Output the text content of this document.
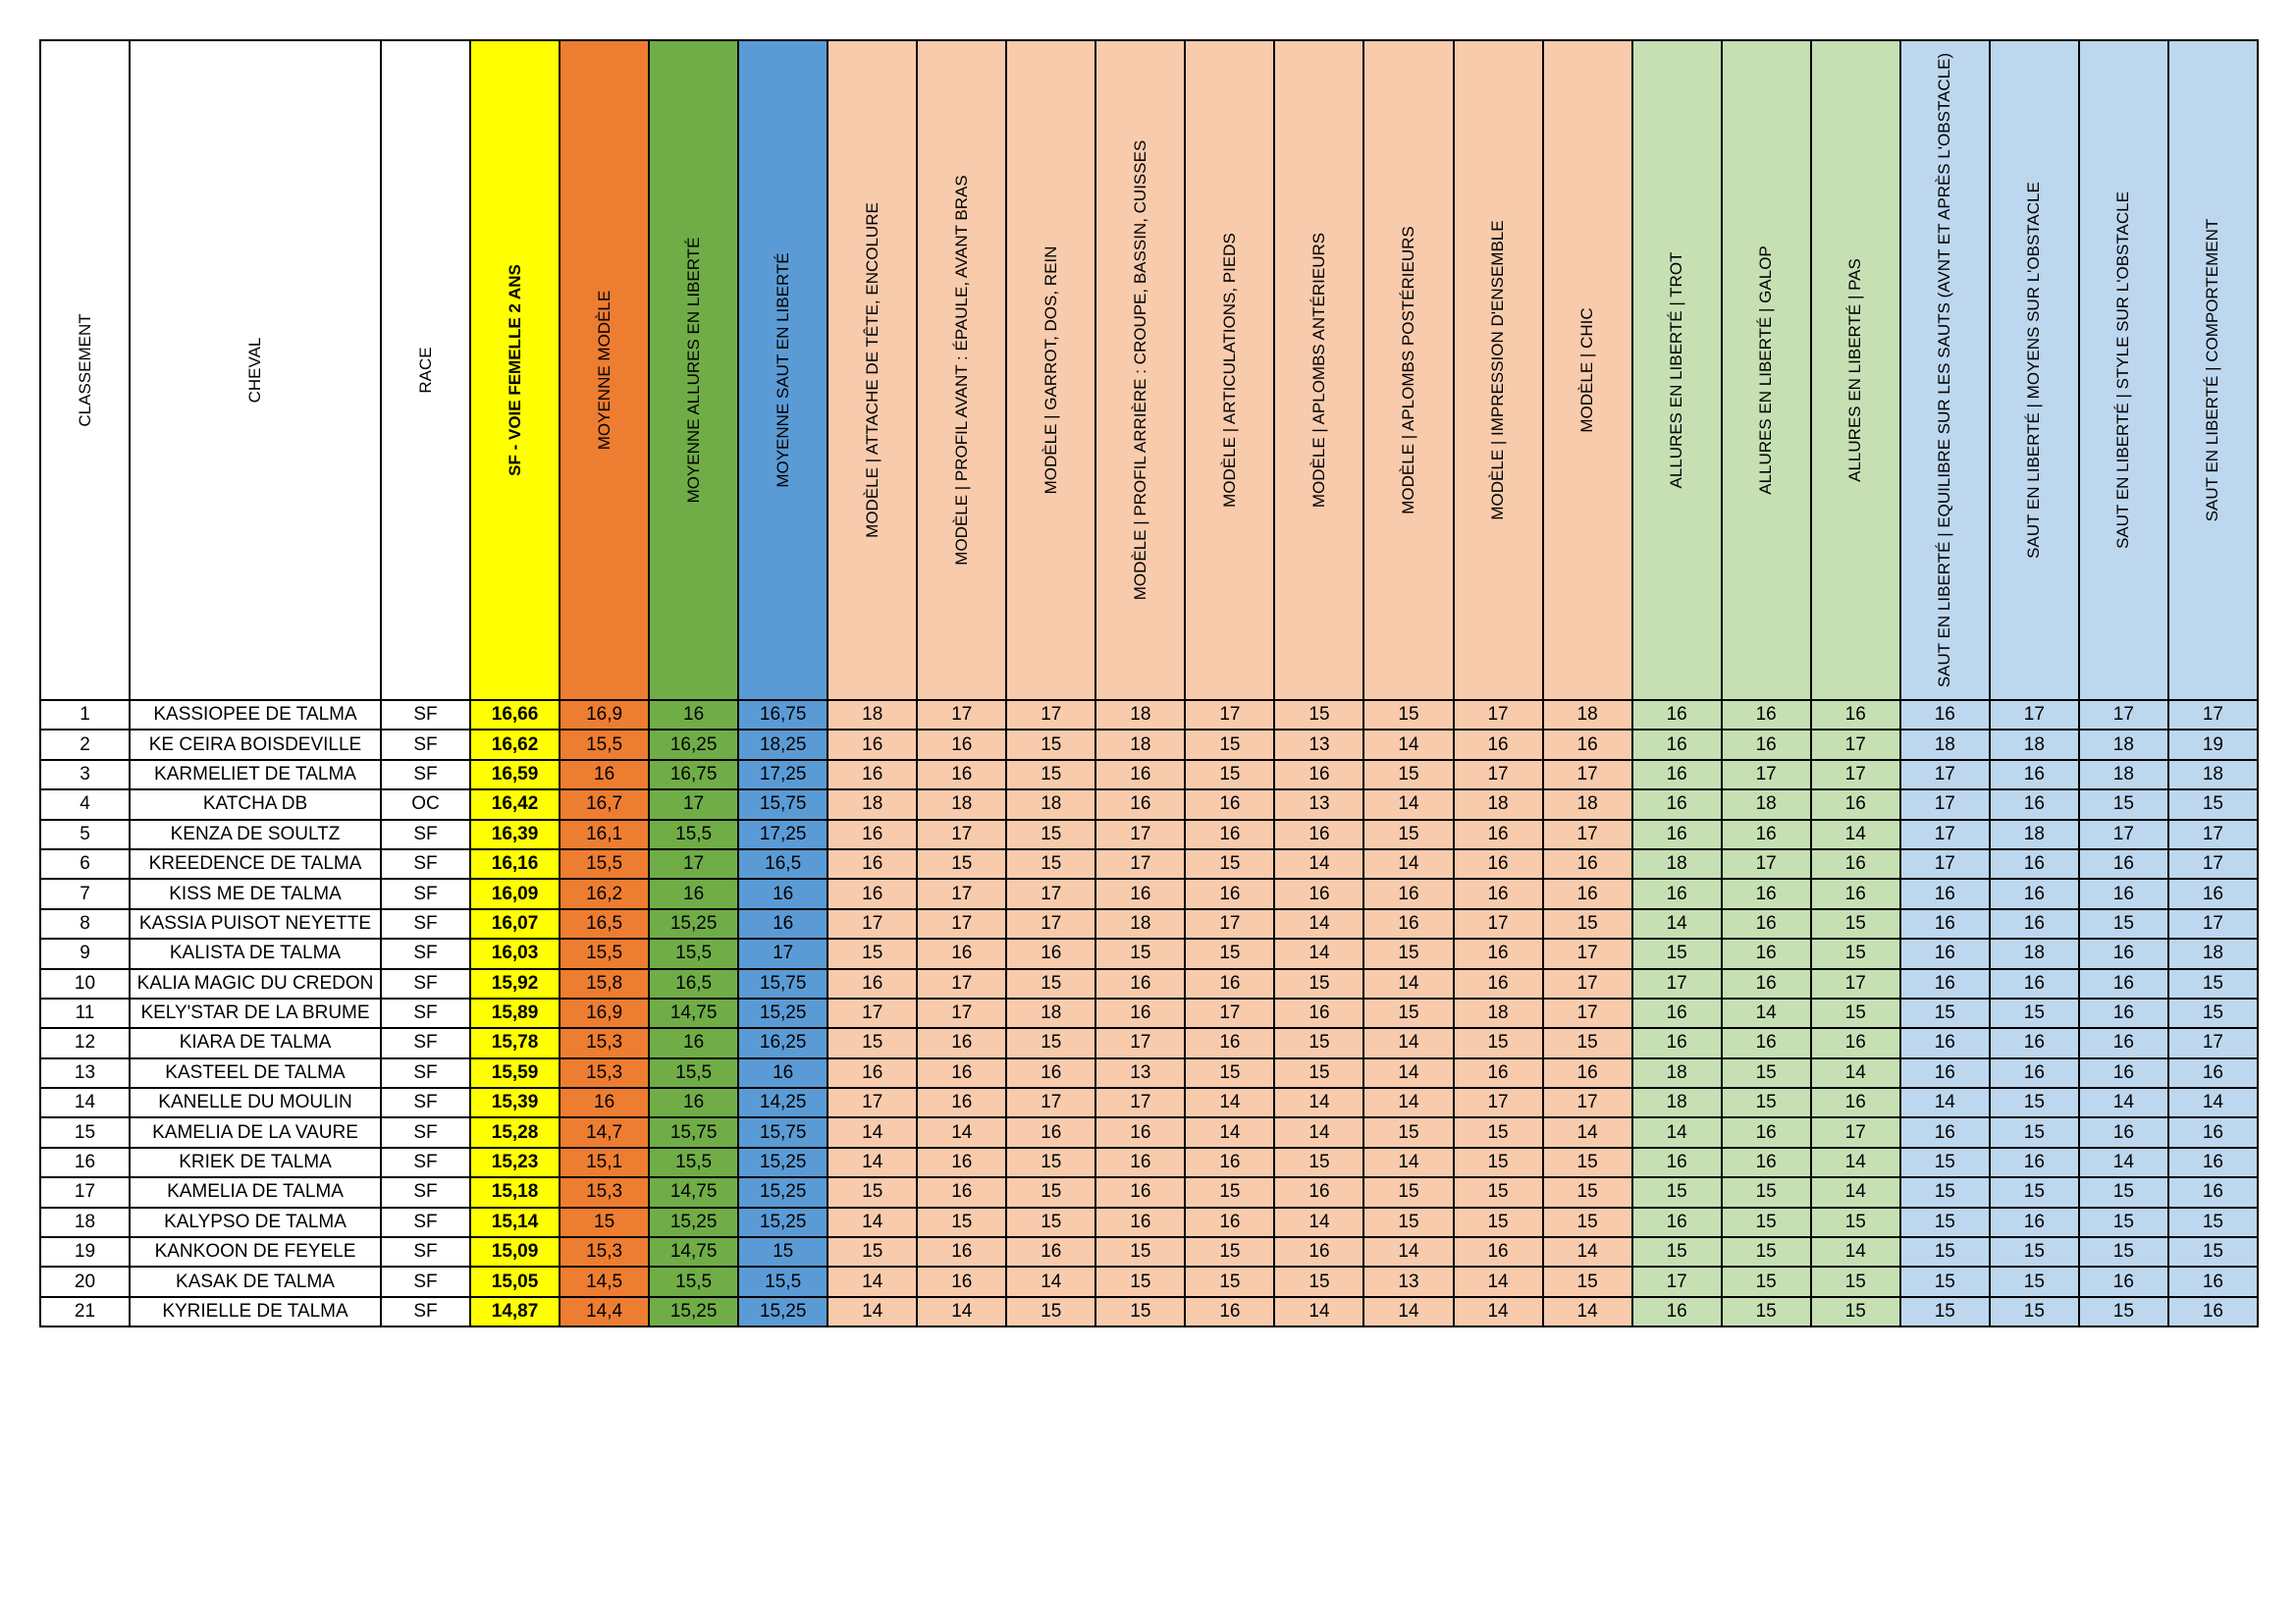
CLASSEMENT	CHEVAL	RACE	SF - VOIE FEMELLE 2 ANS	MOYENNE MODÈLE	MOYENNE ALLURES EN LIBERTÉ	MOYENNE SAUT EN LIBERTÉ	MODÈLE | ATTACHE DE TÊTE, ENCOLURE	MODÈLE | PROFIL AVANT : ÉPAULE, AVANT BRAS	MODÈLE | GARROT, DOS, REIN	MODÈLE | PROFIL ARRIÈRE : CROUPE, BASSIN, CUISSES	MODÈLE | ARTICULATIONS, PIEDS	MODÈLE | APLOMBS ANTÉRIEURS	MODÈLE | APLOMBS POSTÉRIEURS	MODÈLE | IMPRESSION D'ENSEMBLE	MODÈLE | CHIC	ALLURES EN LIBERTÉ | TROT	ALLURES EN LIBERTÉ | GALOP	ALLURES EN LIBERTÉ | PAS	SAUT EN LIBERTÉ | EQUILIBRE SUR LES SAUTS (AVNT ET APRÈS L'OBSTACLE)	SAUT EN LIBERTÉ | MOYENS SUR L'OBSTACLE	SAUT EN LIBERTÉ | STYLE SUR L'OBSTACLE	SAUT EN LIBERTÉ | COMPORTEMENT
1	KASSIOPEE DE TALMA	SF	16,66	16,9	16	16,75	18	17	17	18	17	15	15	17	18	16	16	16	16	17	17	17
2	KE CEIRA BOISDEVILLE	SF	16,62	15,5	16,25	18,25	16	16	15	18	15	13	14	16	16	16	16	17	18	18	18	19
3	KARMELIET DE TALMA	SF	16,59	16	16,75	17,25	16	16	15	16	15	16	15	17	17	16	17	17	17	16	18	18
4	KATCHA DB	OC	16,42	16,7	17	15,75	18	18	18	16	16	13	14	18	18	16	18	16	17	16	15	15
5	KENZA DE SOULTZ	SF	16,39	16,1	15,5	17,25	16	17	15	17	16	16	15	16	17	16	16	14	17	18	17	17
6	KREEDENCE DE TALMA	SF	16,16	15,5	17	16,5	16	15	15	17	15	14	14	16	16	18	17	16	17	16	16	17
7	KISS ME DE TALMA	SF	16,09	16,2	16	16	16	17	17	16	16	16	16	16	16	16	16	16	16	16	16	16
8	KASSIA PUISOT NEYETTE	SF	16,07	16,5	15,25	16	17	17	17	18	17	14	16	17	15	14	16	15	16	16	15	17
9	KALISTA DE TALMA	SF	16,03	15,5	15,5	17	15	16	16	15	15	14	15	16	17	15	16	15	16	18	16	18
10	KALIA MAGIC DU CREDON	SF	15,92	15,8	16,5	15,75	16	17	15	16	16	15	14	16	17	17	16	17	16	16	16	15
11	KELY'STAR DE LA BRUME	SF	15,89	16,9	14,75	15,25	17	17	18	16	17	16	15	18	17	16	14	15	15	15	16	15
12	KIARA DE TALMA	SF	15,78	15,3	16	16,25	15	16	15	17	16	15	14	15	15	16	16	16	16	16	16	17
13	KASTEEL DE TALMA	SF	15,59	15,3	15,5	16	16	16	16	13	15	15	14	16	16	18	15	14	16	16	16	16
14	KANELLE DU MOULIN	SF	15,39	16	16	14,25	17	16	17	17	14	14	14	17	17	18	15	16	14	15	14	14
15	KAMELIA DE LA VAURE	SF	15,28	14,7	15,75	15,75	14	14	16	16	14	14	15	15	14	14	16	17	16	15	16	16
16	KRIEK DE TALMA	SF	15,23	15,1	15,5	15,25	14	16	15	16	16	15	14	15	15	16	16	14	15	16	14	16
17	KAMELIA DE TALMA	SF	15,18	15,3	14,75	15,25	15	16	15	16	15	16	15	15	15	15	15	14	15	15	15	16
18	KALYPSO DE TALMA	SF	15,14	15	15,25	15,25	14	15	15	16	16	14	15	15	15	16	15	15	15	16	15	15
19	KANKOON DE FEYELE	SF	15,09	15,3	14,75	15	15	16	16	15	15	16	14	16	14	15	15	14	15	15	15	15
20	KASAK DE TALMA	SF	15,05	14,5	15,5	15,5	14	16	14	15	15	15	13	14	15	17	15	15	15	15	16	16
21	KYRIELLE DE TALMA	SF	14,87	14,4	15,25	15,25	14	14	15	15	16	14	14	14	14	16	15	15	15	15	15	16
